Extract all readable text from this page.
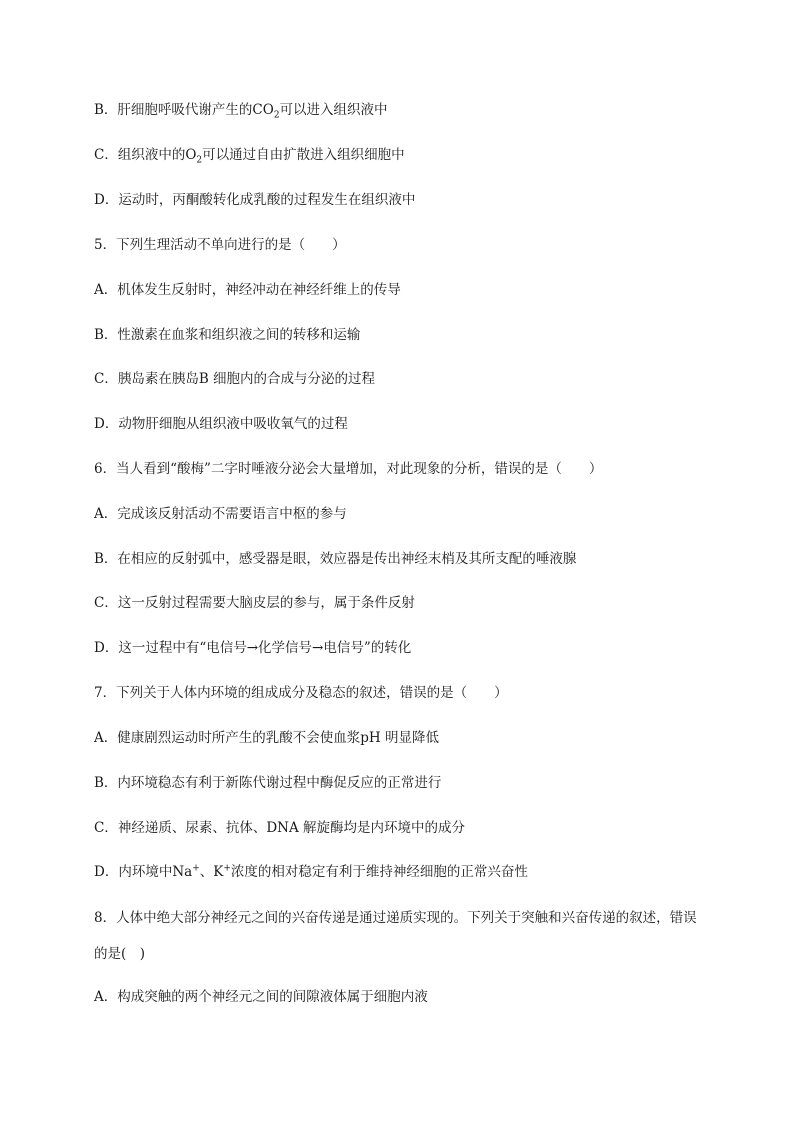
B．肝细胞呼吸代谢产生的$CO_2$可以进入组织液中
C．组织液中的$O_2$可以通过自由扩散进入组织细胞中
D．运动时，丙酮酸转化成乳酸的过程发生在组织液中
5．下列生理活动不单向进行的是（　　）
A．机体发生反射时，神经冲动在神经纤维上的传导
B．性激素在血浆和组织液之间的转移和运输
C．胰岛素在胰岛B 细胞内的合成与分泌的过程
D．动物肝细胞从组织液中吸收氧气的过程
6．当人看到“酸梅”二字时唾液分泌会大量增加，对此现象的分析，错误的是（　　）
A．完成该反射活动不需要语言中枢的参与
B．在相应的反射弧中，感受器是眼，效应器是传出神经末梢及其所支配的唾液腺
C．这一反射过程需要大脑皮层的参与，属于条件反射
D．这一过程中有“电信号→化学信号→电信号”的转化
7．下列关于人体内环境的组成成分及稳态的叙述，错误的是（　　）
A．健康剧烈运动时所产生的乳酸不会使血浆pH 明显降低
B．内环境稳态有利于新陈代谢过程中酶促反应的正常进行
C．神经递质、尿素、抗体、DNA 解旋酶均是内环境中的成分
D．内环境中Na+、K+浓度的相对稳定有利于维持神经细胞的正常兴奋性
8．人体中绝大部分神经元之间的兴奋传递是通过递质实现的。下列关于突触和兴奋传递的叙述，错误的是(　)
A．构成突触的两个神经元之间的间隙液体属于细胞内液
